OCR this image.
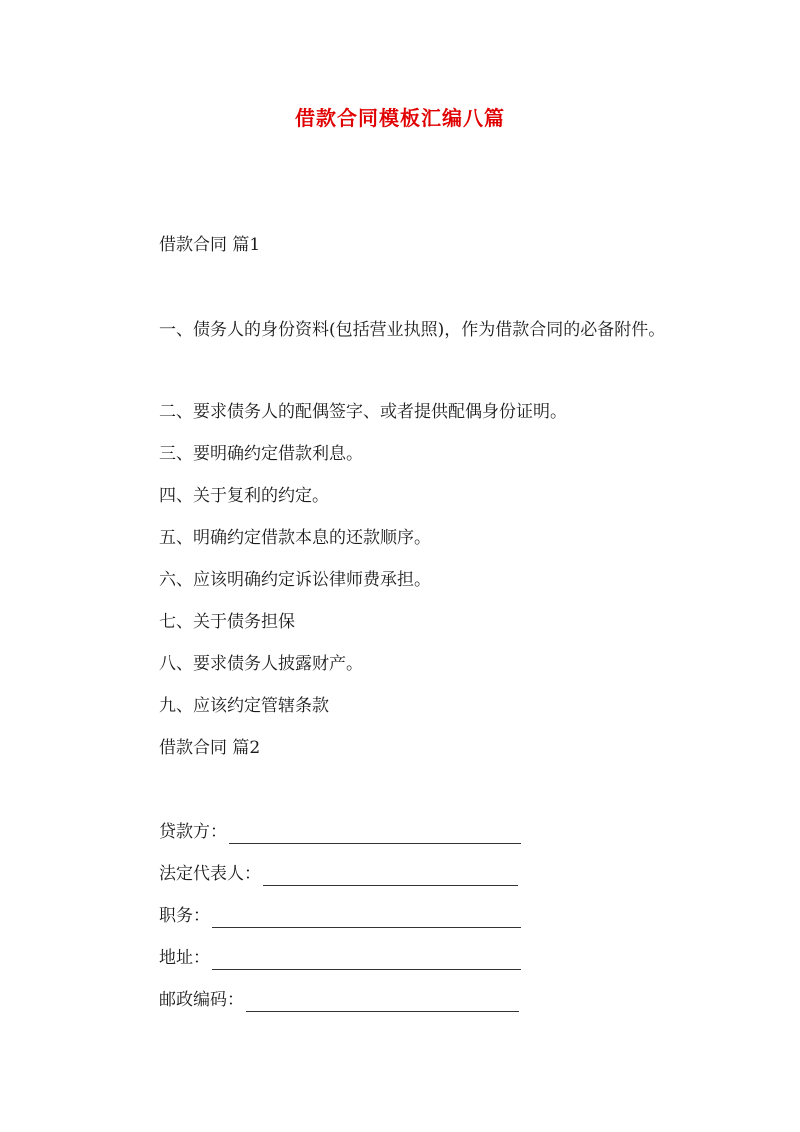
借款合同模板汇编八篇
借款合同 篇1
一、债务人的身份资料(包括营业执照)，作为借款合同的必备附件。
二、要求债务人的配偶签字、或者提供配偶身份证明。
三、要明确约定借款利息。
四、关于复利的约定。
五、明确约定借款本息的还款顺序。
六、应该明确约定诉讼律师费承担。
七、关于债务担保
八、要求债务人披露财产。
九、应该约定管辖条款
借款合同 篇2
贷款方：
法定代表人：
职务：
地址：
邮政编码：
